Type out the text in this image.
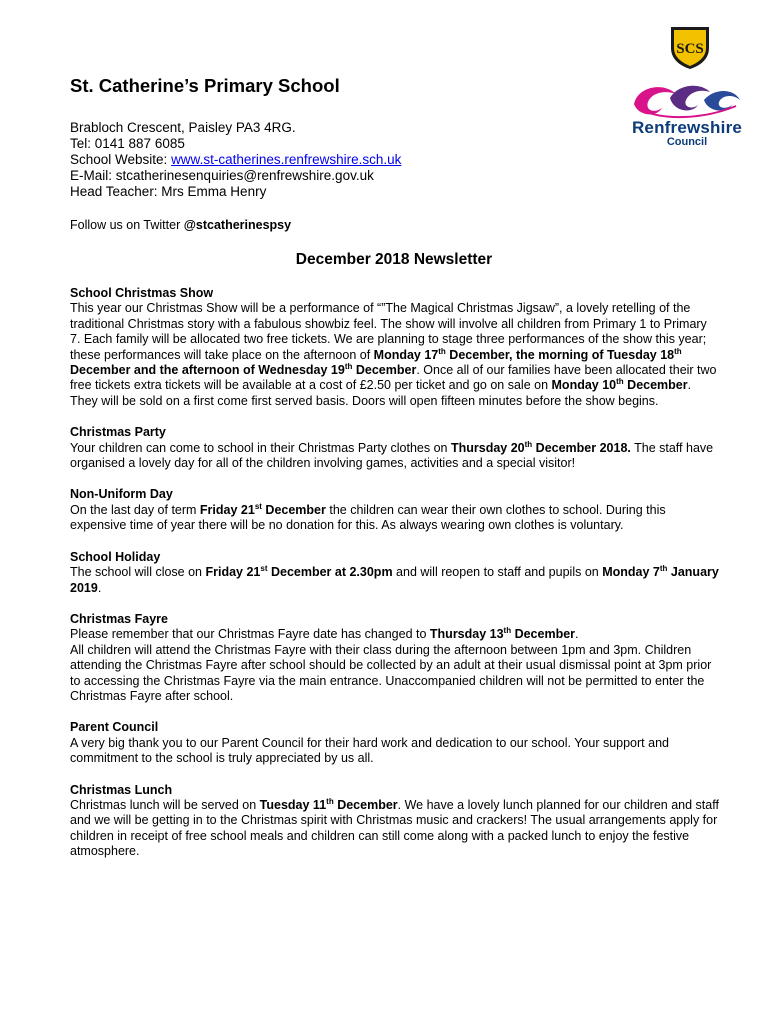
SCS
Renfrewshire
Council
St. Catherine’s Primary School
Brabloch Crescent, Paisley PA3 4RG.
Tel: 0141 887 6085
School Website: www.st-catherines.renfrewshire.sch.uk
E-Mail: stcatherinesenquiries@renfrewshire.gov.uk
Head Teacher: Mrs Emma Henry
Follow us on Twitter @stcatherinespsy
December 2018 Newsletter
School Christmas Show

This year our Christmas Show will be a performance of “”The Magical Christmas Jigsaw”, a lovely retelling of the traditional Christmas story with a fabulous showbiz feel. The show will involve all children from Primary 1 to Primary 7. Each family will be allocated two free tickets. We are planning to stage three performances of the show this year; these performances will take place on the afternoon of Monday 17th December, the morning of Tuesday 18th December and the afternoon of Wednesday 19th December. Once all of our families have been allocated their two free tickets extra tickets will be available at a cost of £2.50 per ticket and go on sale on Monday 10th December. They will be sold on a first come first served basis. Doors will open fifteen minutes before the show begins.

Christmas Party

Your children can come to school in their Christmas Party clothes on Thursday 20th December 2018. The staff have organised a lovely day for all of the children involving games, activities and a special visitor!

Non-Uniform Day

On the last day of term Friday 21st December the children can wear their own clothes to school. During this expensive time of year there will be no donation for this. As always wearing own clothes is voluntary.

School Holiday

The school will close on Friday 21st December at 2.30pm and will reopen to staff and pupils on Monday 7th January 2019.

Christmas Fayre

Please remember that our Christmas Fayre date has changed to Thursday 13th December.

All children will attend the Christmas Fayre with their class during the afternoon between 1pm and 3pm. Children attending the Christmas Fayre after school should be collected by an adult at their usual dismissal point at 3pm prior to accessing the Christmas Fayre via the main entrance. Unaccompanied children will not be permitted to enter the Christmas Fayre after school.

Parent Council

A very big thank you to our Parent Council for their hard work and dedication to our school. Your support and commitment to the school is truly appreciated by us all.

Christmas Lunch

Christmas lunch will be served on Tuesday 11th December. We have a lovely lunch planned for our children and staff and we will be getting in to the Christmas spirit with Christmas music and crackers! The usual arrangements apply for children in receipt of free school meals and children can still come along with a packed lunch to enjoy the festive atmosphere.
